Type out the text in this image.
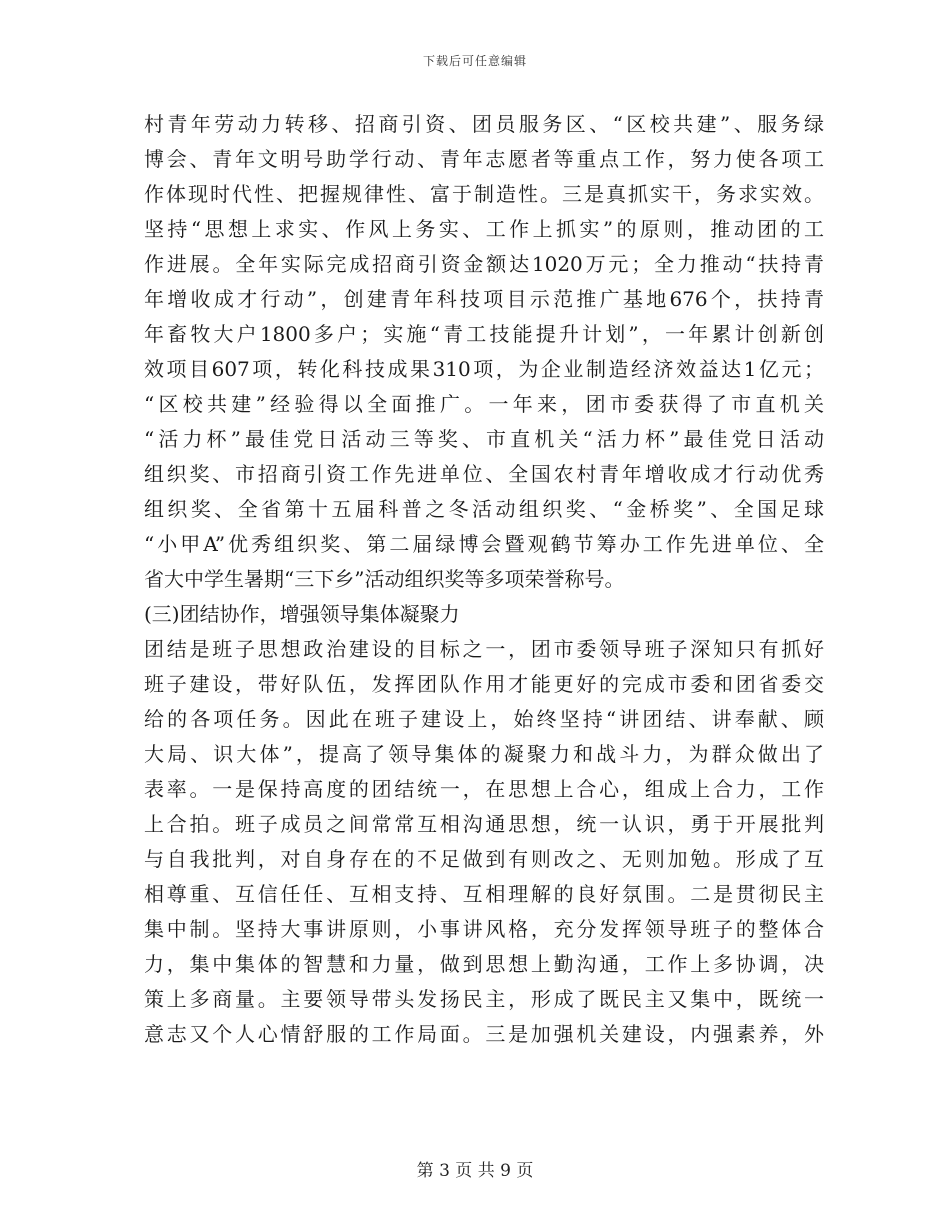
下载后可任意编辑
村青年劳动力转移、招商引资、团员服务区、“区校共建”、服务绿
博会、青年文明号助学行动、青年志愿者等重点工作，努力使各项工
作体现时代性、把握规律性、富于制造性。三是真抓实干，务求实效。
坚持“思想上求实、作风上务实、工作上抓实”的原则，推动团的工
作进展。全年实际完成招商引资金额达1020万元；全力推动“扶持青
年增收成才行动”，创建青年科技项目示范推广基地676个，扶持青
年畜牧大户1800多户；实施“青工技能提升计划”，一年累计创新创
效项目607项，转化科技成果310项，为企业制造经济效益达1亿元；
“区校共建”经验得以全面推广。一年来，团市委获得了市直机关
“活力杯”最佳党日活动三等奖、市直机关“活力杯”最佳党日活动
组织奖、市招商引资工作先进单位、全国农村青年增收成才行动优秀
组织奖、全省第十五届科普之冬活动组织奖、“金桥奖”、全国足球
“小甲A”优秀组织奖、第二届绿博会暨观鹤节筹办工作先进单位、全
省大中学生暑期“三下乡”活动组织奖等多项荣誉称号。
(三)团结协作，增强领导集体凝聚力
团结是班子思想政治建设的目标之一，团市委领导班子深知只有抓好
班子建设，带好队伍，发挥团队作用才能更好的完成市委和团省委交
给的各项任务。因此在班子建设上，始终坚持“讲团结、讲奉献、顾
大局、识大体”，提高了领导集体的凝聚力和战斗力，为群众做出了
表率。一是保持高度的团结统一，在思想上合心，组成上合力，工作
上合拍。班子成员之间常常互相沟通思想，统一认识，勇于开展批判
与自我批判，对自身存在的不足做到有则改之、无则加勉。形成了互
相尊重、互信任任、互相支持、互相理解的良好氛围。二是贯彻民主
集中制。坚持大事讲原则，小事讲风格，充分发挥领导班子的整体合
力，集中集体的智慧和力量，做到思想上勤沟通，工作上多协调，决
策上多商量。主要领导带头发扬民主，形成了既民主又集中，既统一
意志又个人心情舒服的工作局面。三是加强机关建设，内强素养，外
第 3 页 共 9 页
